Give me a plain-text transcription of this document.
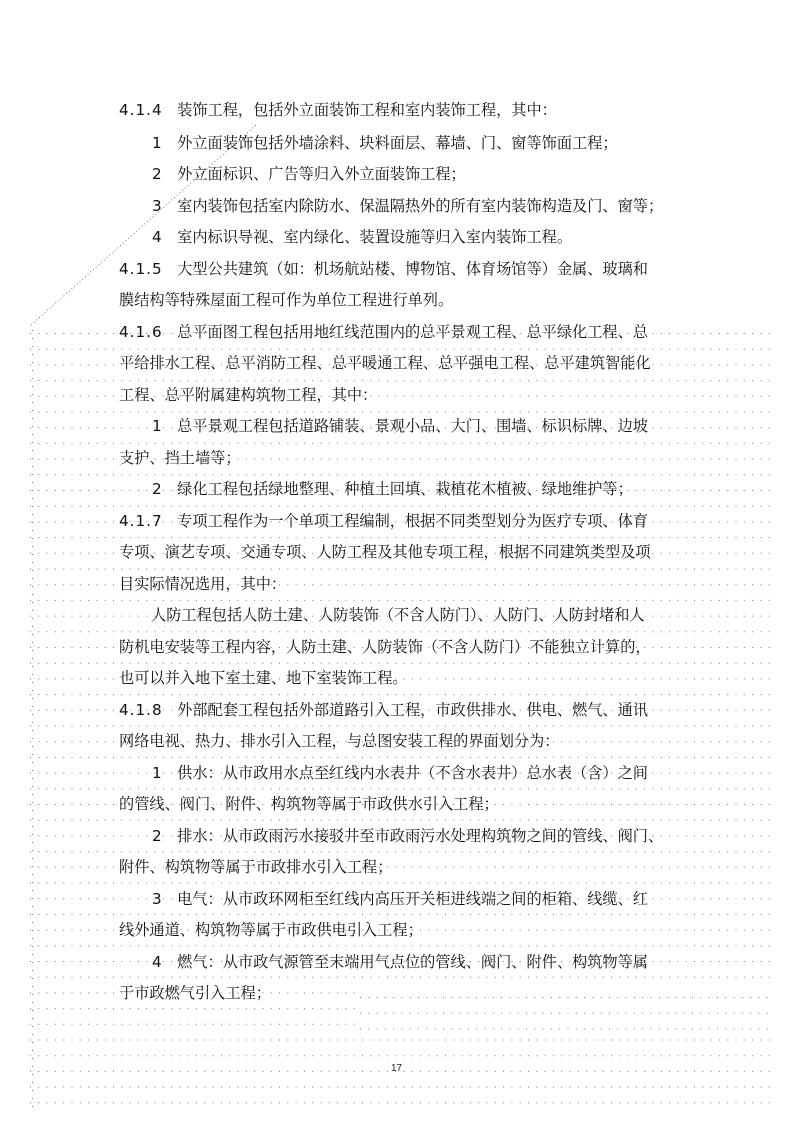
4.1.4 装饰工程，包括外立面装饰工程和室内装饰工程，其中：
1 外立面装饰包括外墙涂料、块料面层、幕墙、门、窗等饰面工程；
2 外立面标识、广告等归入外立面装饰工程；
3 室内装饰包括室内除防水、保温隔热外的所有室内装饰构造及门、窗等；
4 室内标识导视、室内绿化、装置设施等归入室内装饰工程。
4.1.5 大型公共建筑（如：机场航站楼、博物馆、体育场馆等）金属、玻璃和
膜结构等特殊屋面工程可作为单位工程进行单列。
4.1.6 总平面图工程包括用地红线范围内的总平景观工程、总平绿化工程、总
平给排水工程、总平消防工程、总平暖通工程、总平强电工程、总平建筑智能化
工程、总平附属建构筑物工程，其中：
1 总平景观工程包括道路铺装、景观小品、大门、围墙、标识标牌、边坡
支护、挡土墙等；
2 绿化工程包括绿地整理、种植土回填、栽植花木植被、绿地维护等；
4.1.7 专项工程作为一个单项工程编制，根据不同类型划分为医疗专项、体育
专项、演艺专项、交通专项、人防工程及其他专项工程，根据不同建筑类型及项
目实际情况选用，其中：
人防工程包括人防土建、人防装饰（不含人防门）、人防门、人防封堵和人
防机电安装等工程内容，人防土建、人防装饰（不含人防门）不能独立计算的，
也可以并入地下室土建、地下室装饰工程。
4.1.8 外部配套工程包括外部道路引入工程，市政供排水、供电、燃气、通讯
网络电视、热力、排水引入工程，与总图安装工程的界面划分为：
1 供水：从市政用水点至红线内水表井（不含水表井）总水表（含）之间
的管线、阀门、附件、构筑物等属于市政供水引入工程；
2 排水：从市政雨污水接驳井至市政雨污水处理构筑物之间的管线、阀门、
附件、构筑物等属于市政排水引入工程；
3 电气：从市政环网柜至红线内高压开关柜进线端之间的柜箱、线缆、红
线外通道、构筑物等属于市政供电引入工程；
4 燃气：从市政气源管至末端用气点位的管线、阀门、附件、构筑物等属
于市政燃气引入工程；
17
